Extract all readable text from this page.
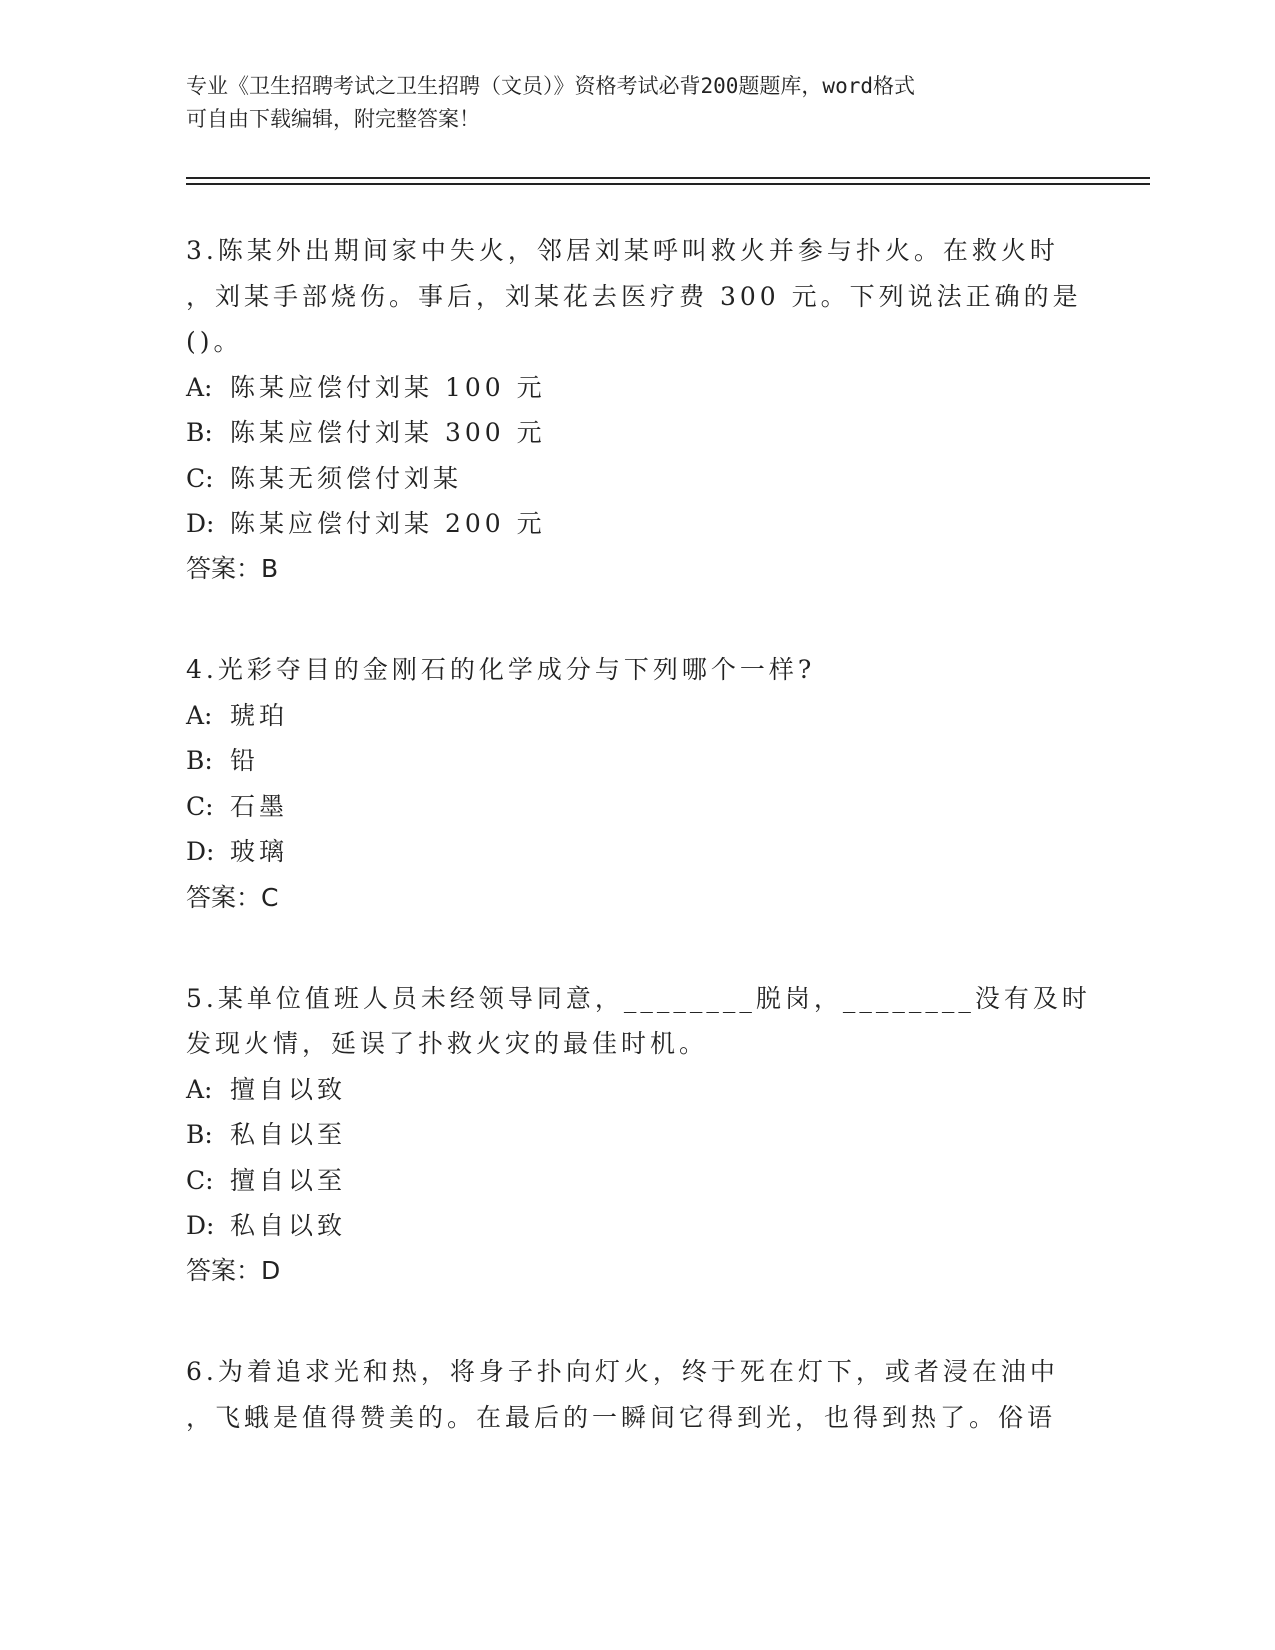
专业《卫生招聘考试之卫生招聘（文员）》资格考试必背200题题库，word格式

可自由下载编辑，附完整答案！

3.陈某外出期间家中失火，邻居刘某呼叫救火并参与扑火。在救火时
，刘某手部烧伤。事后，刘某花去医疗费 300 元。下列说法正确的是
()。
A: 陈某应偿付刘某 100 元
B: 陈某应偿付刘某 300 元
C: 陈某无须偿付刘某
D: 陈某应偿付刘某 200 元
答案：B
4.光彩夺目的金刚石的化学成分与下列哪个一样?
A: 琥珀
B: 铅
C: 石墨
D: 玻璃
答案：C
5.某单位值班人员未经领导同意，________脱岗，________没有及时
发现火情，延误了扑救火灾的最佳时机。
A: 擅自以致
B: 私自以至
C: 擅自以至
D: 私自以致
答案：D
6.为着追求光和热，将身子扑向灯火，终于死在灯下，或者浸在油中
，飞蛾是值得赞美的。在最后的一瞬间它得到光，也得到热了。俗语
